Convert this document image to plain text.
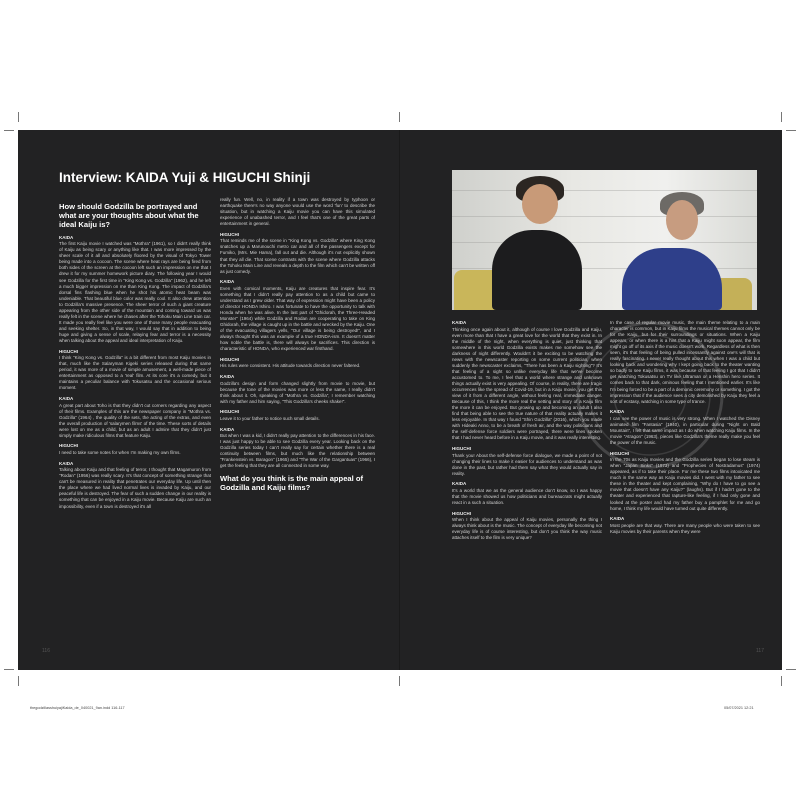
Interview: KAIDA Yuji & HIGUCHI Shinji
How should Godzilla be portrayed and what are your thoughts about what the ideal Kaiju is?

KAIDA
The first Kaiju movie I watched was "Mothra" (1961), so I didn't really think of Kaiju as being scary or anything like that. I was more impressed by the sheer scale of it all and absolutely floored by the visual of Tokyo Tower being made into a cocoon. The scene where heat rays are being fired from both sides of the screen at the cocoon left such an impression on me that I drew it for my summer homework picture diary. The following year I would see Godzilla for the first time in "King Kong vs. Godzilla" (1962), and he left a much bigger impression on me than King Kong. The impact of Godzilla's dorsal fins flashing blue when he shot his atomic heat beam was undeniable. That beautiful blue color was really cool. It also drew attention to Godzilla's massive presence. The sheer terror of such a giant creature appearing from the other side of the mountain and coming toward us was really felt in the scene where he chases after the Tohoku Main Line train car. It made you really feel like you were one of those many people evacuating and seeking shelter. So, in that way, I would say that in addition to being huge and giving a sense of scale, relaying fear and terror is a necessity when talking about the appeal and ideal interpretation of Kaiju.

HIGUCHI
I think "King Kong vs. Godzilla" is a bit different from most Kaiju movies in that, much like the Salaryman Kigeki series released during that same period, it was more of a movie of simple amusement, a well-made piece of entertainment as opposed to a 'real' film. At its core it's a comedy, but it maintains a peculiar balance with Tokusatsu and the occasional serious moment.

KAIDA
A great part about Toho is that they didn't cut corners regarding any aspect of their films. Examples of this are the newspaper company in "Mothra vs. Godzilla" (1964) , the quality of the sets, the acting of the extras, and even the overall production of 'salarymen films' of the time. These sorts of details were lost on me as a child, but as an adult I admire that they didn't just simply make ridiculous films that feature Kaiju.

HIGUCHI
I need to take some notes for when I'm making my own films.

KAIDA
Talking about Kaiju and that feeling of terror, I thought that Magamuron from "Rodan" (1956) was really scary. It's that concept of something strange that can't be measured in reality that penetrates our everyday life. Up until then the place where we had lived normal lives is invaded by Kaiju, and our peaceful life is destroyed. The fear of such a sudden change in our reality is something that can be enjoyed in a Kaiju movie. Because Kaiju are such an impossibility, even if a town is destroyed it's all

really fun. Well, no, in reality if a town was destroyed by typhoon or earthquake there's no way anyone would use the word 'fun' to describe the situation, but in watching a Kaiju movie you can have this simulated experience of unabashed terror, and I feel that's one of the great parts of entertainment in general.

HIGUCHI
That reminds me of the scene in "King Kong vs. Godzilla" where King Kong snatches up a Marunouchi metro car and all of the passengers except for Fumiko, (Mrs. Mie Hama), fall out and die. Although it's not explicitly shown that they all die. That scene contrasts with the scene where Godzilla attacks the Tohoku Main Line and reveals a depth to the film which can't be written off as just comedy.

KAIDA
Even with comical moments, Kaiju are creatures that inspire fear. It's something that I didn't really pay attention to as a child but came to understand as I grew older. That way of expression might have been a policy of director HONDA Ishiro. I was fortunate to have the opportunity to talk with Honda when he was alive. In the last part of "Ghidorah, the Three-Headed Monster" (1964) while Godzilla and Rodan are cooperating to take on King Ghidorah, the village is caught up in the battle and wrecked by the Kaiju. One of the evacuating villagers yells, "Our village is being destroyed!", and I always thought this was an example of a true HONDA-ism. It doesn't matter how noble the battle is, there will always be sacrifices. This direction is characteristic of HONDA, who experienced war firsthand.

HIGUCHI
His rules were consistent. His attitude towards direction never faltered.

KAIDA
Godzilla's design and form changed slightly from movie to movie, but because the tone of the movies was more or less the same, I really didn't think about it. Oh, speaking of "Mothra vs. Godzilla", I remember watching with my father and him saying, "This Godzilla's cheeks shake!".

HIGUCHI
Leave it to your father to notice such small details.

KAIDA
But when I was a kid, I didn't really pay attention to the differences in his face. I was just happy to be able to see Godzilla every year. Looking back on the Godzilla series today I can't really say for certain whether there is a real continuity between films, but much like the relationship between "Frankenstein vs. Baragon" (1965) and "The War of the Gargantuas" (1966), I get the feeling that they are all connected in some way.

What do you think is the main appeal of Godzilla and Kaiju films?
116

KAIDA
Thinking once again about it, although of course I love Godzilla and Kaiju, even more than that I have a great love for the world that they exist in. In the middle of the night, when everything is quiet, just thinking that somewhere in this world Godzilla exists makes me somehow see the darkness of night differently. Wouldn't it be exciting to be watching the news with the newscaster reporting on some current politician, when suddenly the newscaster exclaims, "There has been a Kaiju sighting"? It's that feeling of a sight so unlike everyday life that we've become accustomed to. To me, I feel that a world where strange and unknown things actually exist is very appealing. Of course, in reality, there are tragic occurrences like the spread of Covid-19, but in a Kaiju movie, you get this view of it from a different angle, without feeling real, immediate danger. Because of this, I think the more real the setting and story of a Kaiju film the more it can be enjoyed. But growing up and becoming an adult I also find that being able to see the true nature of that reality actually makes it less enjoyable. In that way I found "Shin Godzilla" (2016), which you made with Hideaki Anno, to be a breath of fresh air, and the way politicians and the self-defense force soldiers were portrayed, there were lines spoken that I had never heard before in a Kaiju movie, and it was really interesting.

HIGUCHI
Thank you! About the self-defense force dialogue, we made a point of not changing their lines to make it easier for audiences to understand as was done in the past, but rather had them say what they would actually say in reality.

KAIDA
It's a world that we as the general audience don't know, so I was happy that the movie showed us how politicians and bureaucrats might actually react in a such a situation.

HIGUCHI
When I think about the appeal of Kaiju movies, personally the thing I always think about is the music. The concept of everyday life becoming not everyday life is of course interesting, but don't you think the way music attaches itself to the film is very unique?

In the case of regular movie music, the main theme relating to a main character is common, but in Kaiju films the musical themes cannot only be for the Kaiju, but for their surroundings or situations. When a Kaiju appears, or when there is a hint that a Kaiju might soon appear, the film might go off of its axis if the music doesn't work. Regardless of what is then seen, it's that feeling of being pulled incessantly against one's will that is really fascinating. I never really thought about this when I was a child but looking back and wondering why I kept going back to the theater wanting so badly to see Kaiju films, it was because of that feeling I got that I didn't get watching Tokusatsu on TV like Ultraman or a Henshin hero series. It comes back to that dark, ominous feeling that I mentioned earlier. It's like I'm being forced to be a part of a demonic ceremony or something. I got the impression that if the audience sees a city demolished by Kaiju they feel a sort of ecstasy, watching in some type of trance.

KAIDA
I can see the power of music is very strong. When I watched the Disney animated film "Fantasia" (1940), in particular during "Night on Bald Mountain", I felt that same impact as I do when watching Kaiju films. In the movie "Atragon" (1963), pieces like Godzilla's theme really make you feel the power of the music.

HIGUCHI
In the 70s as Kaiju movies and the Godzilla series began to lose steam is when "Japan Sinks" (1973) and "Prophecies of Nostradamus" (1974) appeared, as if to take their place. For me these two films intoxicated me much in the same way as Kaiju movies did. I went with my father to see these in the theater and kept complaining, "Why do I have to go see a movie that doesn't have any Kaiju?" (laughs). But if I hadn't gone to the theater and experienced that rapture-like feeling, if I had only gone and looked at the poster and had my father buy a pamphlet for me and go home, I think my life would have turned out quite differently.

KAIDA
Most people are that way. There are many people who were taken to see Kaiju movies by their parents when they were

117
thegodzillasshuiyajiKaida_de_040021_9an.indd 116-117	05/07/2021 12:21
